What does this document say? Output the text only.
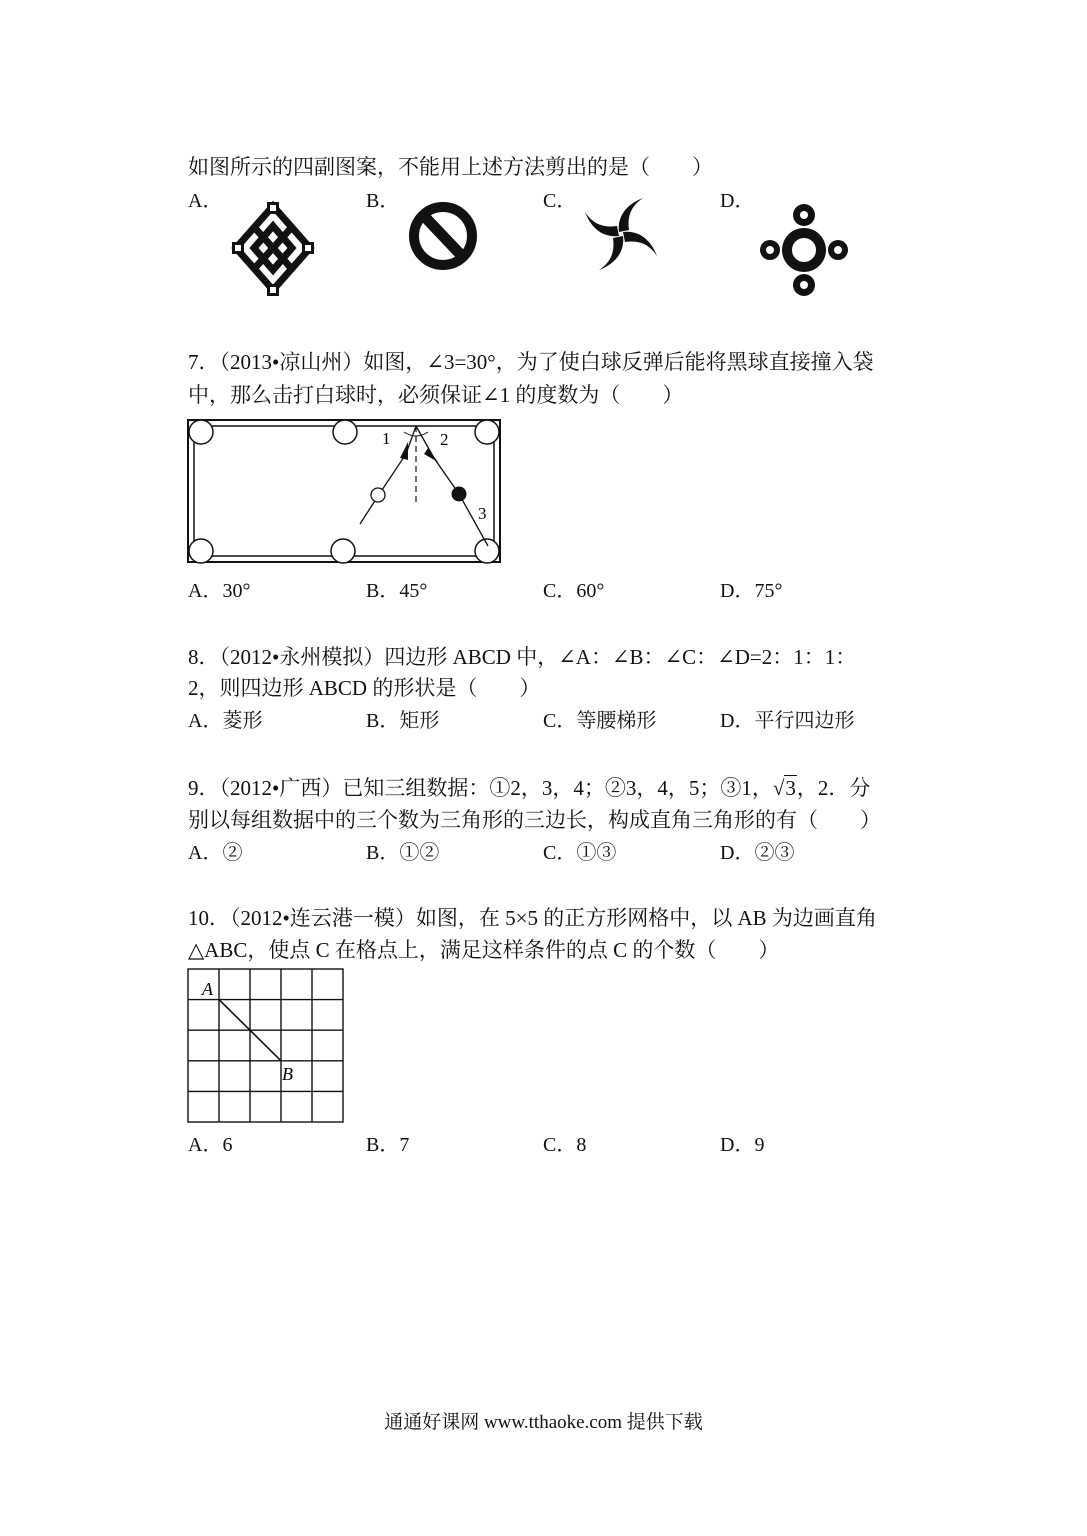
如图所示的四副图案，不能用上述方法剪出的是（　　）
A．	B．	C．	D．
7．（2013•凉山州）如图，∠3=30°，为了使白球反弹后能将黑球直接撞入袋
中，那么击打白球时，必须保证∠1 的度数为（　　）
1	2
3
A．30°	B．45°	C．60°	D．75°
8．（2012•永州模拟）四边形 ABCD 中，∠A：∠B：∠C：∠D=2：1：1：
2，则四边形 ABCD 的形状是（　　）
A．菱形	B．矩形	C．等腰梯形	D．平行四边形
9．（2012•广西）已知三组数据：①2，3，4；②3，4，5；③1，√3，2．分
别以每组数据中的三个数为三角形的三边长，构成直角三角形的有（　　）
A．②	B．①②	C．①③	D．②③
10．（2012•连云港一模）如图，在 5×5 的正方形网格中，以 AB 为边画直角
△ABC，使点 C 在格点上，满足这样条件的点 C 的个数（　　）
A
B
A．6	B．7	C．8	D．9
通通好课网 www.tthaoke.com 提供下载
